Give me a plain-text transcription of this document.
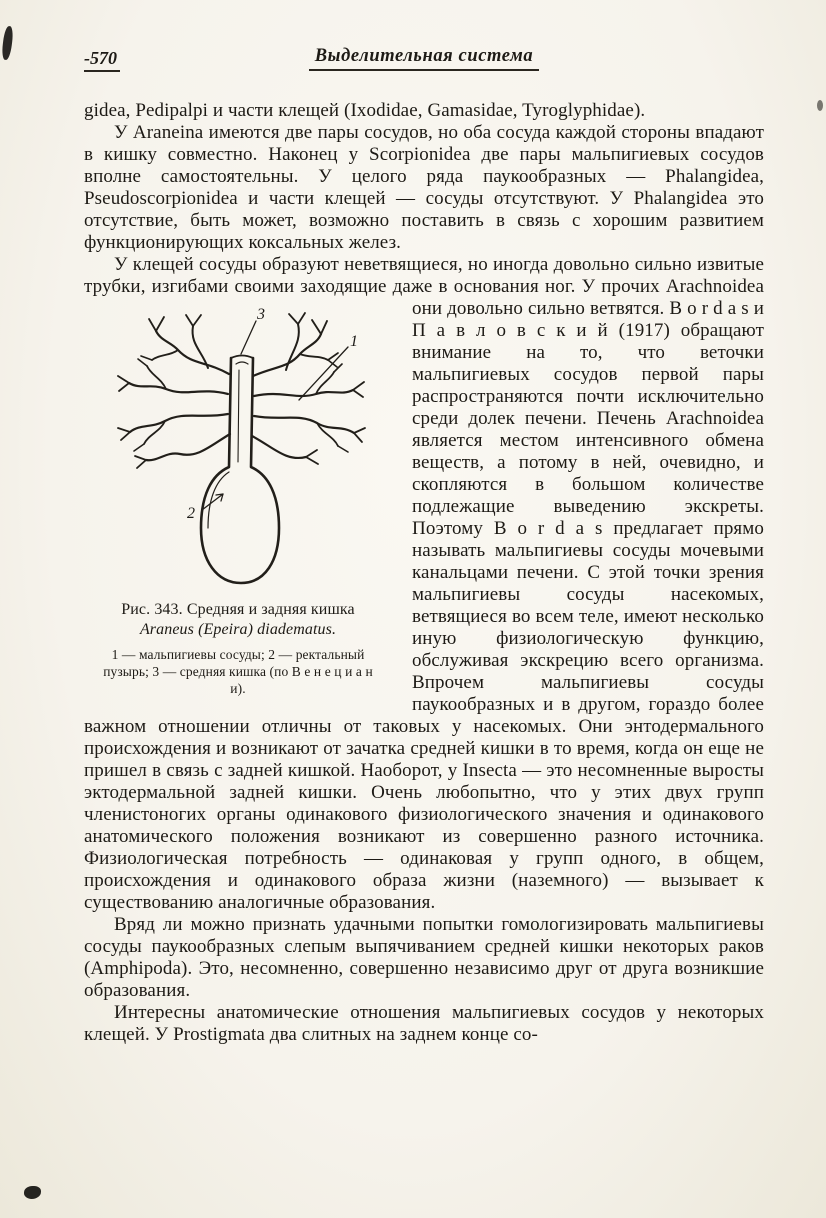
-570	Выделительная система

gidea, Pedipalpi и части клещей (Ixodidae, Gamasidae, Tyroglyphidae).

У Araneina имеются две пары сосудов, но оба сосуда каждой стороны впадают в кишку совместно. Наконец у Scorpionidea две пары мальпигиевых сосудов вполне самостоятельны. У целого ряда паукообразных — Phalangidea, Pseudoscorpionidea и части клещей — сосуды отсутствуют. У Phalangidea это отсутствие, быть может, возможно поставить в связь с хорошим развитием функционирующих коксальных желез.

У клещей сосуды образуют неветвящиеся, но иногда довольно сильно извитые трубки, изгибами своими заходящие даже в основания ног.
3
1
2
Рис. 343. Средняя и задняя кишка
Araneus (Epeira) diadematus.
1 — мальпигиевы сосуды; 2 — ректальный пузырь; 3 — средняя кишка (по В е н е ц и а н и).
У прочих Arachnoidea они довольно сильно ветвятся. B o r d a s и П а в л о в с к и й (1917) обращают внимание на то, что веточки мальпигиевых сосудов первой пары распространяются почти исключительно среди долек печени. Печень Arachnoidea является местом интенсивного обмена веществ, а потому в ней, очевидно, и скопляются в большом количестве подлежащие выведению экскреты. Поэтому B o r d a s предлагает прямо называть мальпигиевы сосуды мочевыми канальцами печени. С этой точки зрения мальпигиевы сосуды насекомых, ветвящиеся во всем теле, имеют несколько иную физиологическую функцию, обслуживая экскрецию всего организма. Впрочем мальпигиевы сосуды паукообразных и в другом, гораздо более важном отношении отличны от таковых у насекомых. Они энтодермального происхождения и возникают от зачатка средней кишки в то время, когда он еще не пришел в связь с задней кишкой. Наоборот, у Insecta — это несомненные выросты эктодермальной задней кишки. Очень любопытно, что у этих двух групп членистоногих органы одинакового физиологического значения и одинакового анатомического положения возникают из совершенно разного источника. Физиологическая потребность — одинаковая у групп одного, в общем, происхождения и одинакового образа жизни (наземного) — вызывает к существованию аналогичные образования.

Вряд ли можно признать удачными попытки гомологизировать мальпигиевы сосуды паукообразных слепым выпячиванием средней кишки некоторых раков (Amphipoda). Это, несомненно, совершенно независимо друг от друга возникшие образования.

Интересны анатомические отношения мальпигиевых сосудов у некоторых клещей. У Prostigmata два слитных на заднем конце со-
